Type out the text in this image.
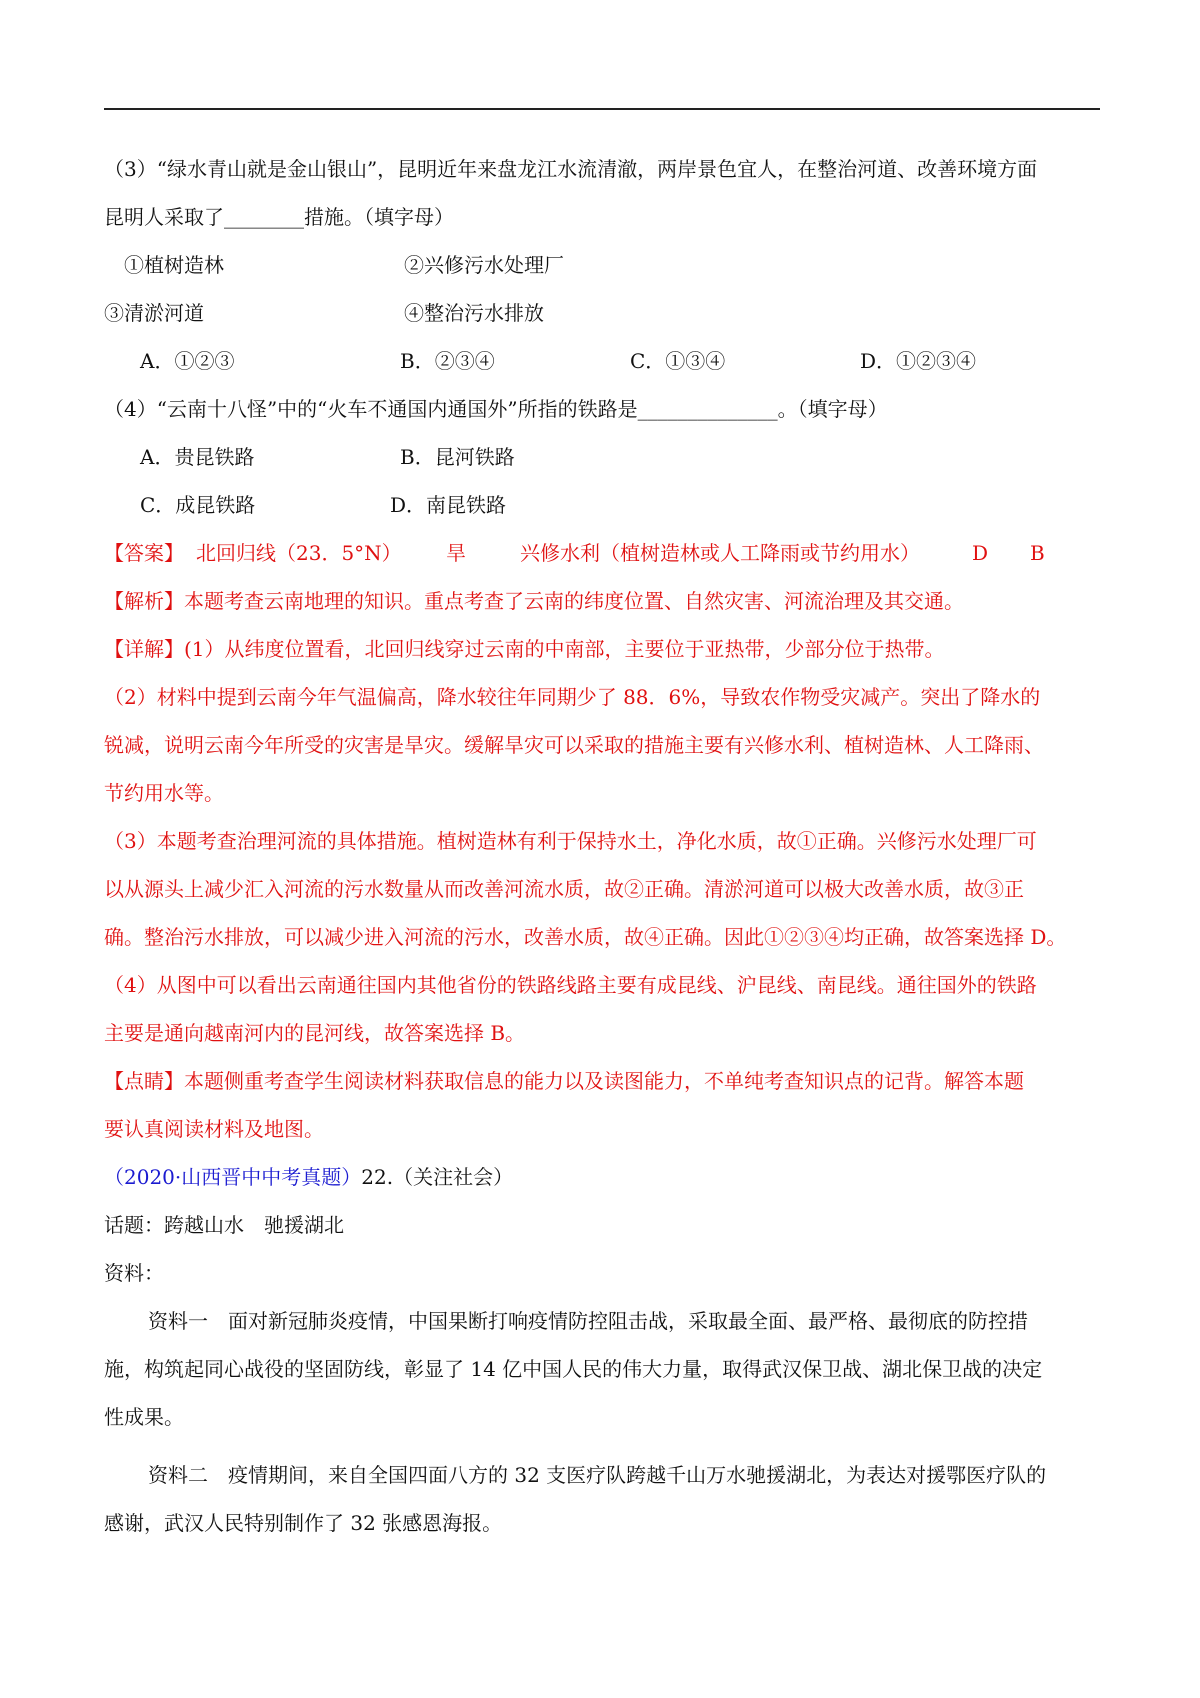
（3）“绿水青山就是金山银山”，昆明近年来盘龙江水流清澈，两岸景色宜人，在整治河道、改善环境方面
昆明人采取了________措施。（填字母）
①植树造林	②兴修污水处理厂
③清淤河道	④整治污水排放
A．①②③	B．②③④	C．①③④	D．①②③④
（4）“云南十八怪”中的“火车不通国内通国外”所指的铁路是______________。（填字母）
A．贵昆铁路	B．昆河铁路
C．成昆铁路	D．南昆铁路
【答案】 北回归线（23．5°N） 旱	兴修水利（植树造林或人工降雨或节约用水）	D B
【解析】本题考查云南地理的知识。重点考查了云南的纬度位置、自然灾害、河流治理及其交通。
【详解】(1）从纬度位置看，北回归线穿过云南的中南部，主要位于亚热带，少部分位于热带。
（2）材料中提到云南今年气温偏高，降水较往年同期少了 88．6%，导致农作物受灾减产。突出了降水的
锐减，说明云南今年所受的灾害是旱灾。缓解旱灾可以采取的措施主要有兴修水利、植树造林、人工降雨、
节约用水等。
（3）本题考查治理河流的具体措施。植树造林有利于保持水土，净化水质，故①正确。兴修污水处理厂可
以从源头上减少汇入河流的污水数量从而改善河流水质，故②正确。清淤河道可以极大改善水质，故③正
确。整治污水排放，可以减少进入河流的污水，改善水质，故④正确。因此①②③④均正确，故答案选择 D。
（4）从图中可以看出云南通往国内其他省份的铁路线路主要有成昆线、沪昆线、南昆线。通往国外的铁路
主要是通向越南河内的昆河线，故答案选择 B。
【点睛】本题侧重考查学生阅读材料获取信息的能力以及读图能力，不单纯考查知识点的记背。解答本题
要认真阅读材料及地图。
（2020·山西晋中中考真题）22.（关注社会）
话题：跨越山水　驰援湖北
资料：
资料一　面对新冠肺炎疫情，中国果断打响疫情防控阻击战，采取最全面、最严格、最彻底的防控措
施，构筑起同心战役的坚固防线，彰显了 14 亿中国人民的伟大力量，取得武汉保卫战、湖北保卫战的决定
性成果。
资料二　疫情期间，来自全国四面八方的 32 支医疗队跨越千山万水驰援湖北，为表达对援鄂医疗队的
感谢，武汉人民特别制作了 32 张感恩海报。
